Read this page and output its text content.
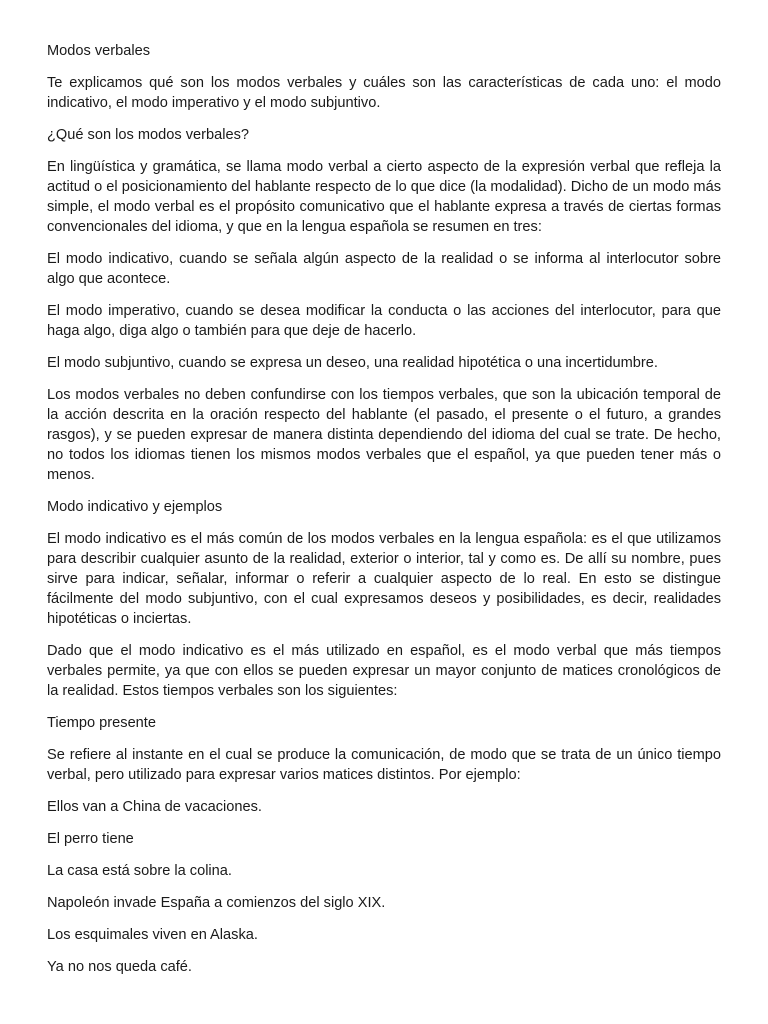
Modos verbales

Te explicamos qué son los modos verbales y cuáles son las características de cada uno: el modo indicativo, el modo imperativo y el modo subjuntivo.

¿Qué son los modos verbales?

En lingüística y gramática, se llama modo verbal a cierto aspecto de la expresión verbal que refleja la actitud o el posicionamiento del hablante respecto de lo que dice (la modalidad). Dicho de un modo más simple, el modo verbal es el propósito comunicativo que el hablante expresa a través de ciertas formas convencionales del idioma, y que en la lengua española se resumen en tres:

El modo indicativo, cuando se señala algún aspecto de la realidad o se informa al interlocutor sobre algo que acontece.

El modo imperativo, cuando se desea modificar la conducta o las acciones del interlocutor, para que haga algo, diga algo o también para que deje de hacerlo.

El modo subjuntivo, cuando se expresa un deseo, una realidad hipotética o una incertidumbre.

Los modos verbales no deben confundirse con los tiempos verbales, que son la ubicación temporal de la acción descrita en la oración respecto del hablante (el pasado, el presente o el futuro, a grandes rasgos), y se pueden expresar de manera distinta dependiendo del idioma del cual se trate. De hecho, no todos los idiomas tienen los mismos modos verbales que el español, ya que pueden tener más o menos.

Modo indicativo y ejemplos

El modo indicativo es el más común de los modos verbales en la lengua española: es el que utilizamos para describir cualquier asunto de la realidad, exterior o interior, tal y como es. De allí su nombre, pues sirve para indicar, señalar, informar o referir a cualquier aspecto de lo real. En esto se distingue fácilmente del modo subjuntivo, con el cual expresamos deseos y posibilidades, es decir, realidades hipotéticas o inciertas.

Dado que el modo indicativo es el más utilizado en español, es el modo verbal que más tiempos verbales permite, ya que con ellos se pueden expresar un mayor conjunto de matices cronológicos de la realidad. Estos tiempos verbales son los siguientes:

Tiempo presente

Se refiere al instante en el cual se produce la comunicación, de modo que se trata de un único tiempo verbal, pero utilizado para expresar varios matices distintos. Por ejemplo:

Ellos van a China de vacaciones.

El perro tiene

La casa está sobre la colina.

Napoleón invade España a comienzos del siglo XIX.

Los esquimales viven en Alaska.

Ya no nos queda café.
